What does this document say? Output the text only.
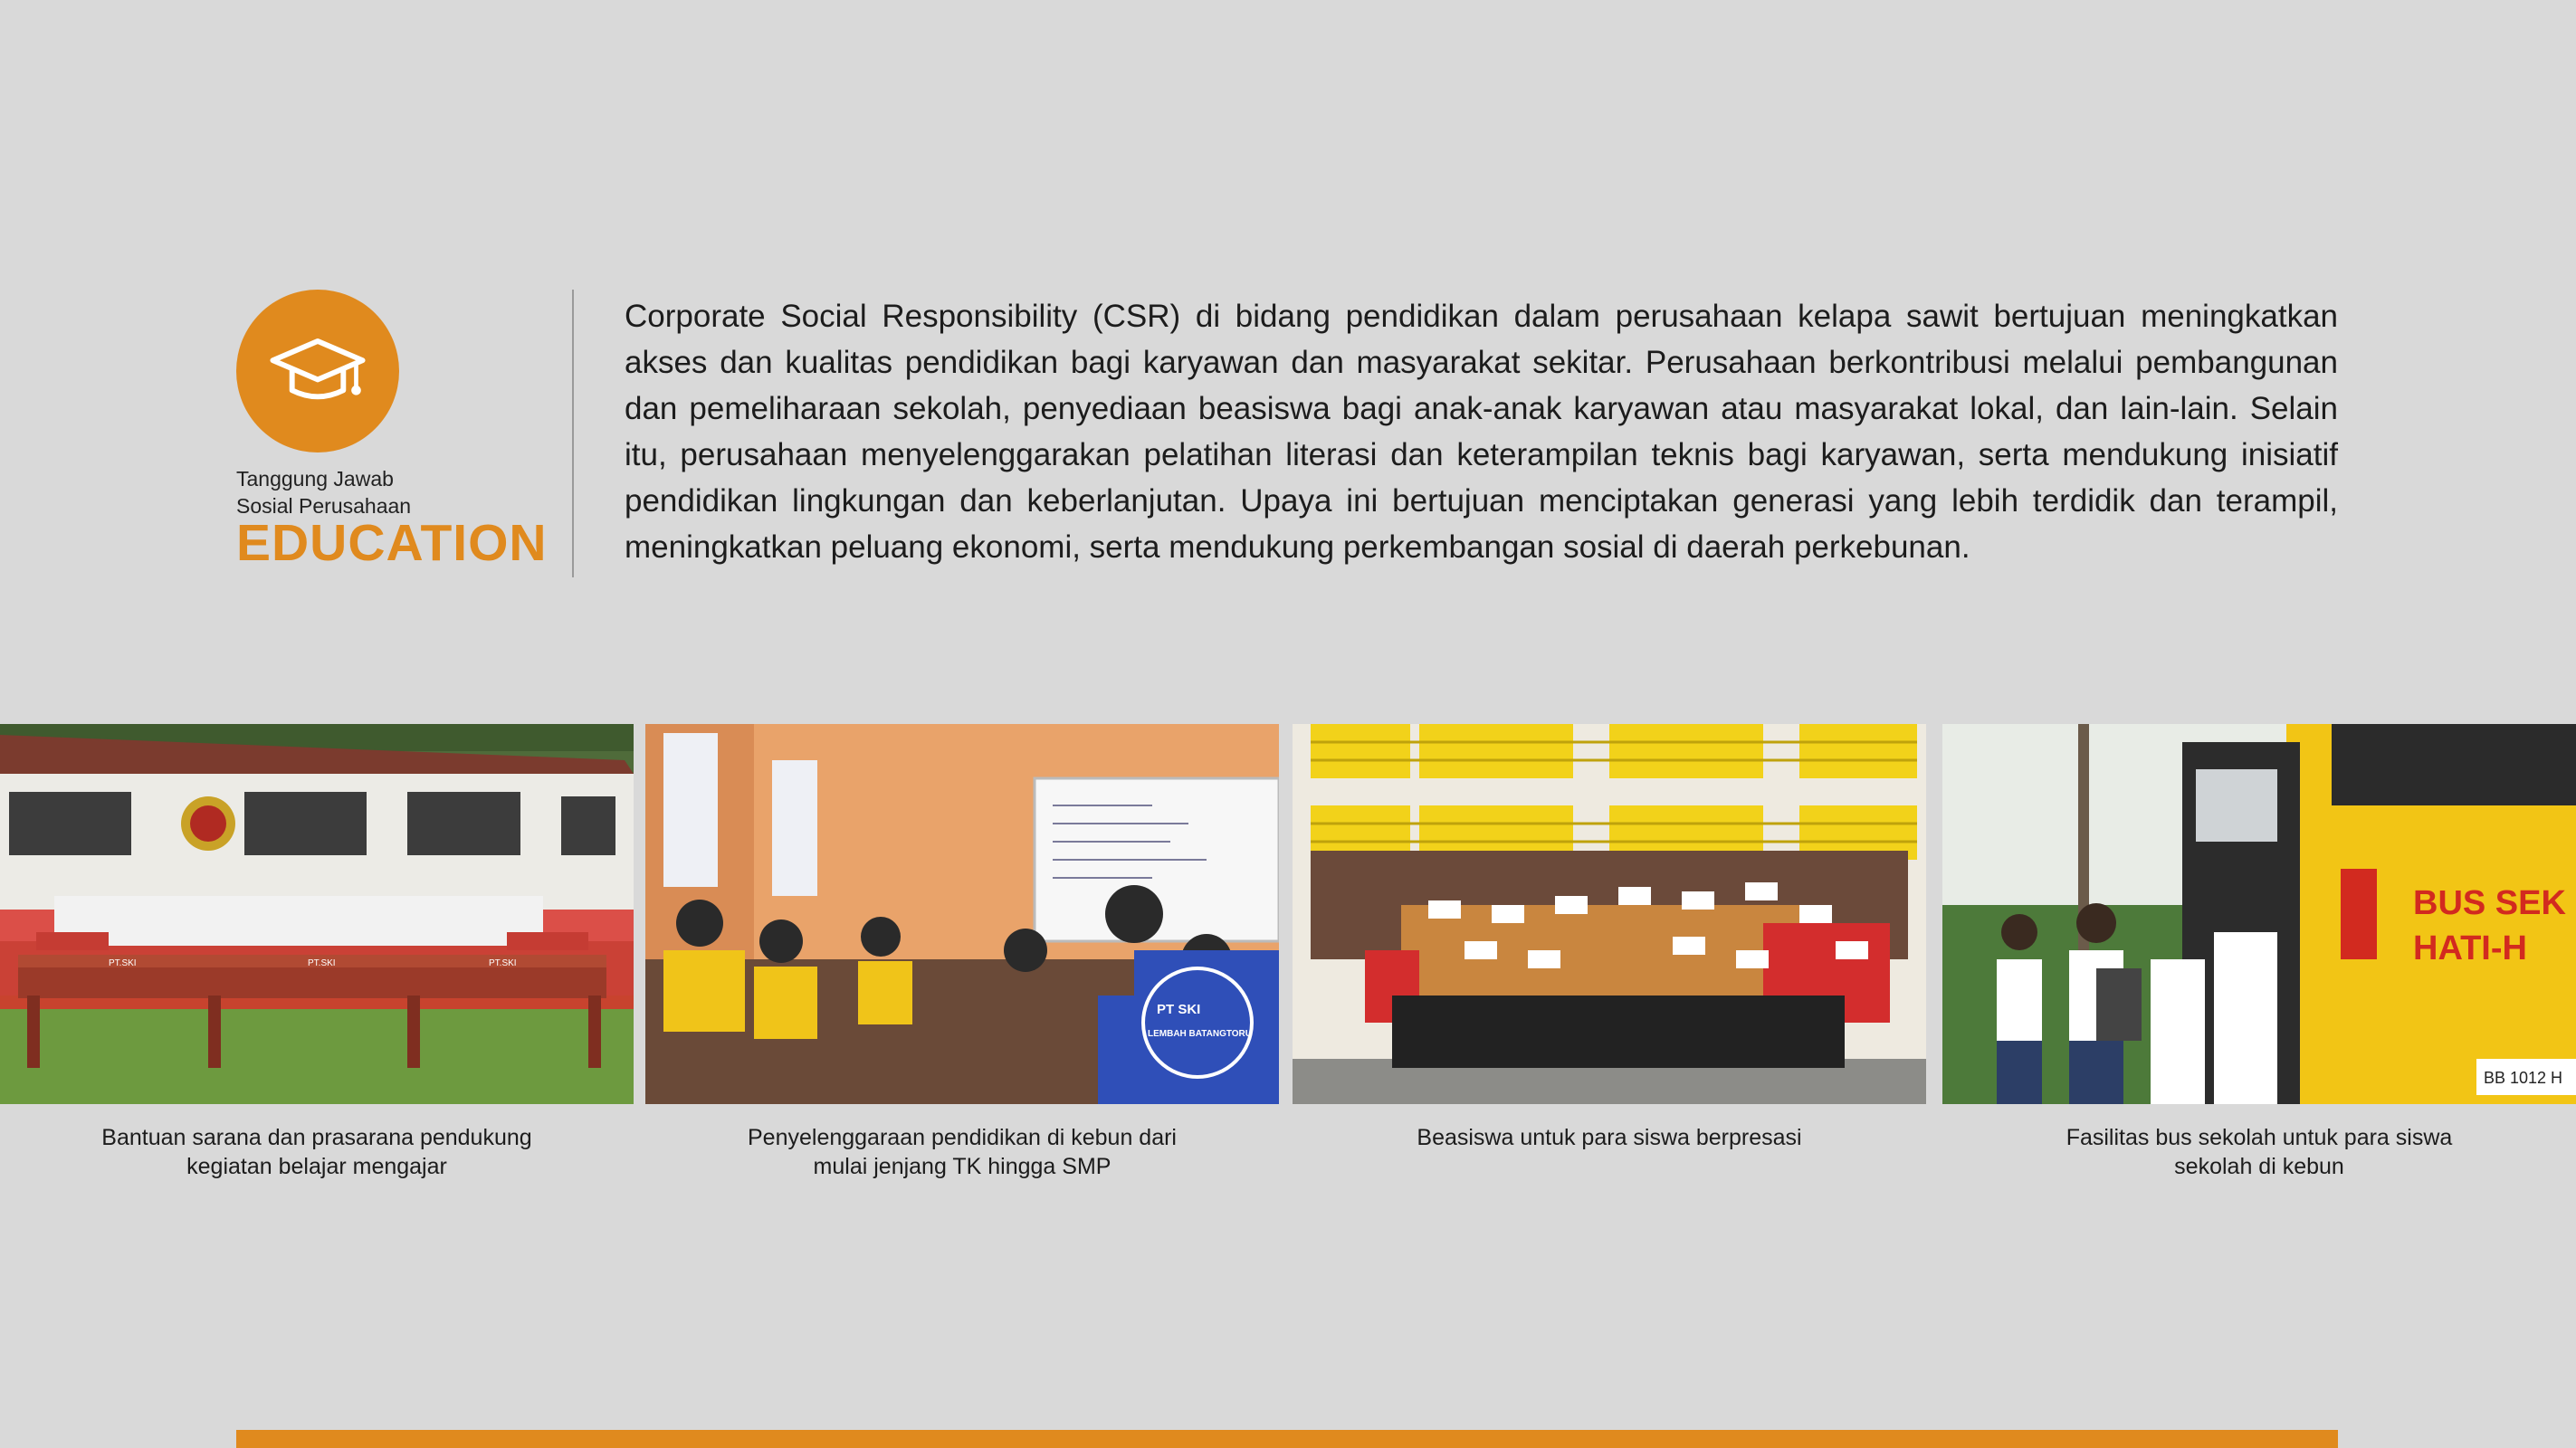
Tanggung Jawab
Sosial Perusahaan
EDUCATION

Corporate Social Responsibility (CSR) di bidang pendidikan dalam perusahaan kelapa sawit bertujuan meningkatkan akses dan kualitas pendidikan bagi karyawan dan masyarakat sekitar. Perusahaan berkontribusi melalui pembangunan dan pemeliharaan sekolah, penyediaan beasiswa bagi anak-anak karyawan atau masyarakat lokal, dan lain-lain. Selain itu, perusahaan menyelenggarakan pelatihan literasi dan keterampilan teknis bagi karyawan, serta mendukung inisiatif pendidikan lingkungan dan keberlanjutan. Upaya ini bertujuan menciptakan generasi yang lebih terdidik dan terampil, meningkatkan peluang ekonomi, serta mendukung perkembangan sosial di daerah perkebunan.

PT.SKI	PT.SKI	PT.SKI
PT SKI
LEMBAH BATANGTORU
BUS SEK
HATI-H
BB 1012 H
Bantuan sarana dan prasarana pendukung
kegiatan belajar mengajar
Penyelenggaraan pendidikan di kebun dari
mulai jenjang TK hingga SMP
Beasiswa untuk para siswa berpresasi	Fasilitas bus sekolah untuk para siswa
sekolah di kebun
